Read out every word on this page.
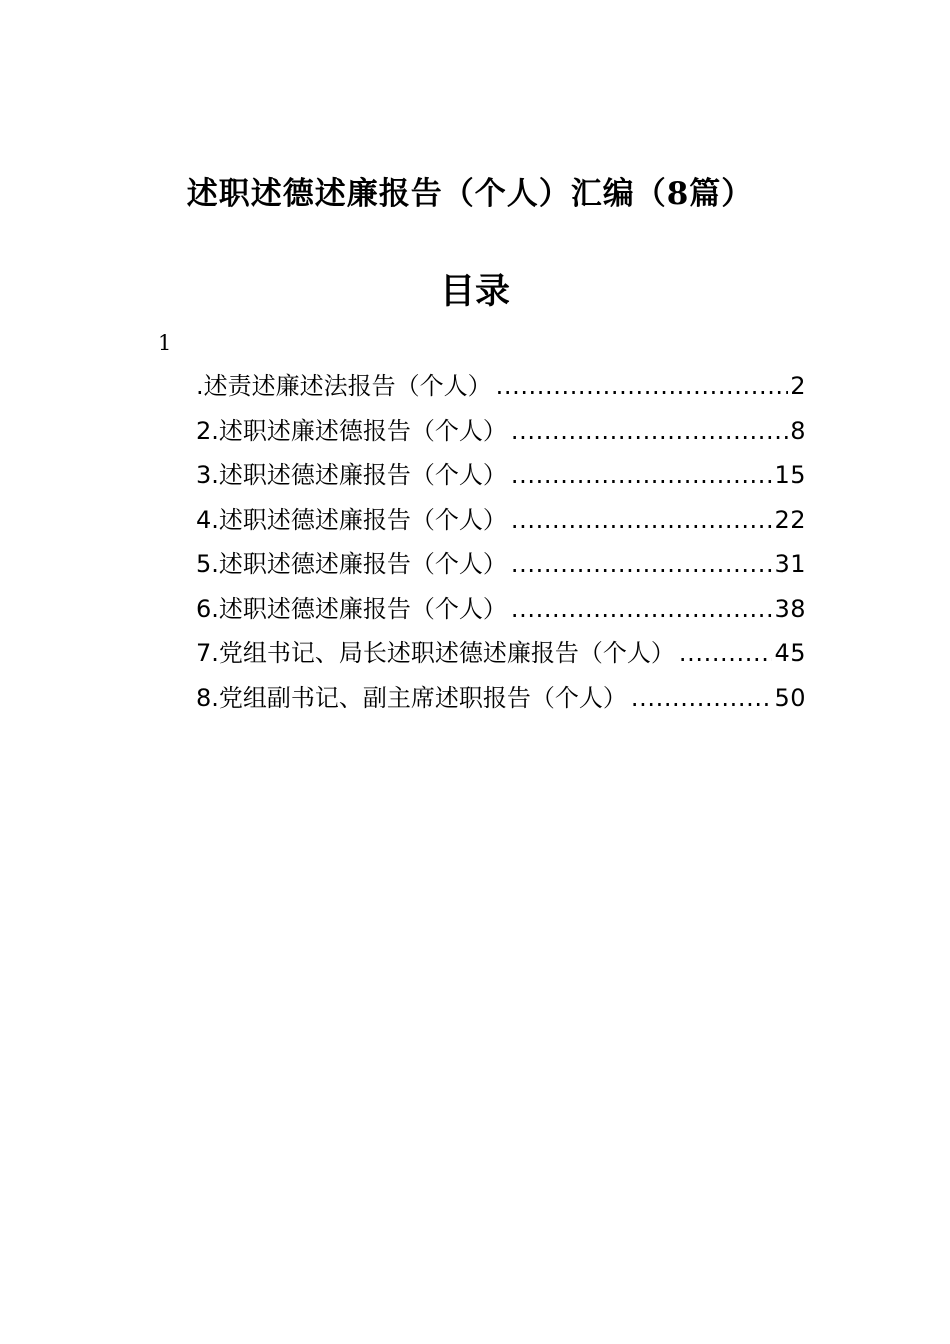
述职述德述廉报告（个人）汇编（8篇）
目录
1
.述责述廉述法报告（个人） .....	2
2.述职述廉述德报告（个人） .....	8
3.述职述德述廉报告（个人） .....	15
4.述职述德述廉报告（个人） .....	22
5.述职述德述廉报告（个人） .....	31
6.述职述德述廉报告（个人） .....	38
7.党组书记、局长述职述德述廉报告（个人） .....	45
8.党组副书记、副主席述职报告（个人） .....	50
